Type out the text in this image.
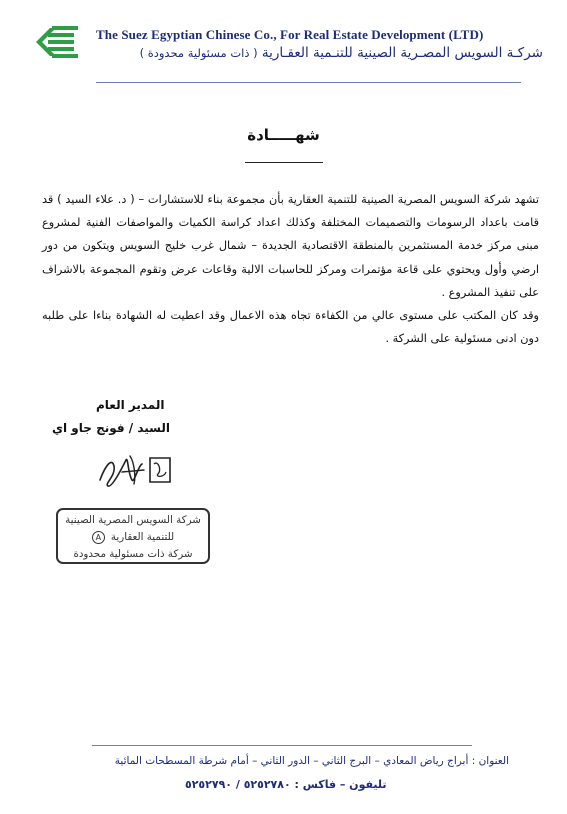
The Suez Egyptian Chinese Co., For Real Estate Development (LTD)
شركـة السويس المصـرية الصينية للتنـمية العقـارية ( ذات مسئولية محدودة )
شهـــــادة

تشهد شركة السويس المصرية الصينية للتنمية العقارية بأن مجموعة بناء للاستشارات – ( د. علاء السيد ) قد قامت باعداد الرسومات والتصميمات المختلفة وكذلك اعداد كراسة الكميات والمواصفات الفنية لمشروع مبنى مركز خدمة المستثمرين بالمنطقة الاقتصادية الجديدة – شمال غرب خليج السويس ويتكون من دور ارضي وأول ويحتوي على قاعة مؤتمرات ومركز للحاسبات الالية وقاعات عرض وتقوم المجموعة بالاشراف على تنفيذ المشروع .

وقد كان المكتب على مستوى عالي من الكفاءة تجاه هذه الاعمال وقد اعطيت له الشهادة بناءا على طلبه دون ادنى مسئولية على الشركة .

المدير العام
السيد / فونج جاو اي
شركة السويس المصرية الصينية
للتنمية العقاريةA
شركة ذات مسئولية محدودة
العنوان : أبراج رياض المعادي – البرج الثاني – الدور الثاني – أمام شرطة المسطحات المائية
تليفون – فاكس : ٥٢٥٢٧٨٠ / ٥٢٥٢٧٩٠
